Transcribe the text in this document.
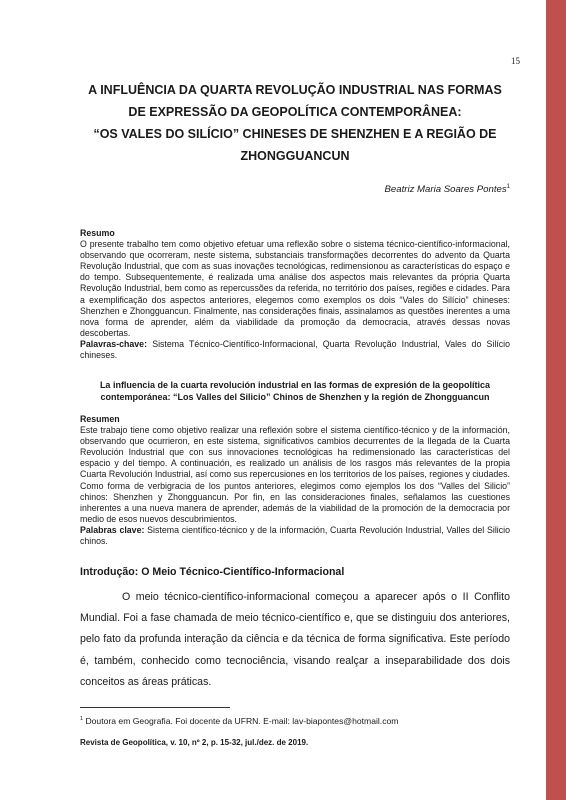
15
A INFLUÊNCIA DA QUARTA REVOLUÇÃO INDUSTRIAL NAS FORMAS
DE EXPRESSÃO DA GEOPOLÍTICA CONTEMPORÂNEA:
“OS VALES DO SILÍCIO” CHINESES DE SHENZHEN E A REGIÃO DE
ZHONGGUANCUN
Beatriz Maria Soares Pontes$^1$
Resumo
O presente trabalho tem como objetivo efetuar uma reflexão sobre o sistema técnico-científico-informacional, observando que ocorreram, neste sistema, substanciais transformações decorrentes do advento da Quarta Revolução Industrial, que com as suas inovações tecnológicas, redimensionou as características do espaço e do tempo. Subsequentemente, é realizada uma análise dos aspectos mais relevantes da própria Quarta Revolução Industrial, bem como as repercussões da referida, no território dos países, regiões e cidades. Para a exemplificação dos aspectos anteriores, elegemos como exemplos os dois “Vales do Silício” chineses: Shenzhen e Zhongguancun. Finalmente, nas considerações finais, assinalamos as questões inerentes a uma nova forma de aprender, além da viabilidade da promoção da democracia, através dessas novas descobertas.
Palavras-chave: Sistema Técnico-Científico-Informacional, Quarta Revolução Industrial, Vales do Silício chineses.
La influencia de la cuarta revolución industrial en las formas de expresión de la geopolítica contemporánea: “Los Valles del Silicio” Chinos de Shenzhen y la región de Zhongguancun
Resumen
Este trabajo tiene como objetivo realizar una reflexión sobre el sistema científico-técnico y de la información, observando que ocurrieron, en este sistema, significativos cambios decurrentes de la llegada de la Cuarta Revolución Industrial que con sus innovaciones tecnológicas ha redimensionado las características del espacio y del tiempo. A continuación, es realizado un análisis de los rasgos más relevantes de la propia Cuarta Revolución Industrial, así como sus repercusiones en los territorios de los países, regiones y ciudades. Como forma de verbigracia de los puntos anteriores, elegimos como ejemplos los dos “Valles del Silicio” chinos: Shenzhen y Zhongguancun. Por fin, en las consideraciones finales, señalamos las cuestiones inherentes a una nueva manera de aprender, además de la viabilidad de la promoción de la democracia por medio de esos nuevos descubrimientos.
Palabras clave: Sistema científico-técnico y de la información, Cuarta Revolución Industrial, Valles del Silicio chinos.
Introdução: O Meio Técnico-Científico-Informacional

O meio técnico-científico-informacional começou a aparecer após o II Conflito Mundial. Foi a fase chamada de meio técnico-científico e, que se distinguiu dos anteriores, pelo fato da profunda interação da ciência e da técnica de forma significativa. Este período é, também, conhecido como tecnociência, visando realçar a inseparabilidade dos dois conceitos as áreas práticas.

$^1$ Doutora em Geografia. Foi docente da UFRN. E-mail: lav-biapontes@hotmail.com
Revista de Geopolítica, v. 10, nº 2, p. 15-32, jul./dez. de 2019.
